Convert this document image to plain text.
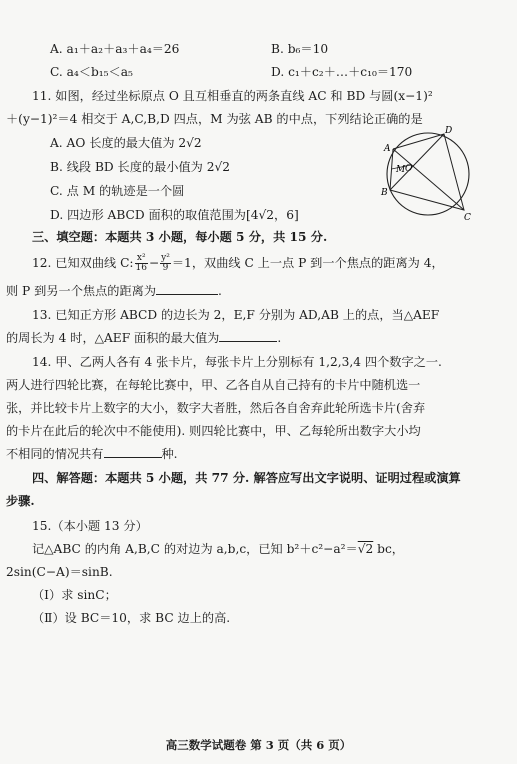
A. a₁＋a₂＋a₃＋a₄＝26	B. b₆＝10
C. a₄＜b₁₅＜a₅	D. c₁＋c₂＋…＋c₁₀＝170
11. 如图，经过坐标原点 O 且互相垂直的两条直线 AC 和 BD 与圆(x−1)²
＋(y−1)²＝4 相交于 A,C,B,D 四点，M 为弦 AB 的中点，下列结论正确的是
A. AO 长度的最大值为 2√2
B. 线段 BD 长度的最小值为 2√2
C. 点 M 的轨迹是一个圆
D. 四边形 ABCD 面积的取值范围为[4√2，6]
A
B
C
D
M O
三、填空题：本题共 3 小题，每小题 5 分，共 15 分.
12. 已知双曲线 C: $\frac{\text{x²}}{16} - \frac{\text{y²}}{9} =1$，双曲线 C 上一点 P 到一个焦点的距离为 4，
则 P 到另一个焦点的距离为	.
13. 已知正方形 ABCD 的边长为 2，E,F 分别为 AD,AB 上的点，当△AEF
的周长为 4 时，△AEF 面积的最大值为	.
14. 甲、乙两人各有 4 张卡片，每张卡片上分别标有 1,2,3,4 四个数字之一.
两人进行四轮比赛，在每轮比赛中，甲、乙各自从自己持有的卡片中随机选一
张，并比较卡片上数字的大小，数字大者胜，然后各自舍弃此轮所选卡片(舍弃
的卡片在此后的轮次中不能使用). 则四轮比赛中，甲、乙每轮所出数字大小均
不相同的情况共有	种.
四、解答题：本题共 5 小题，共 77 分. 解答应写出文字说明、证明过程或演算
步骤.
15.（本小题 13 分）
记△ABC 的内角 A,B,C 的对边为 a,b,c，已知 b²＋c²−a²＝√2 bc，
2sin(C−A)＝sinB.
（Ⅰ）求 sinC；
（Ⅱ）设 BC＝10，求 BC 边上的高.
高三数学试题卷 第 3 页（共 6 页）
